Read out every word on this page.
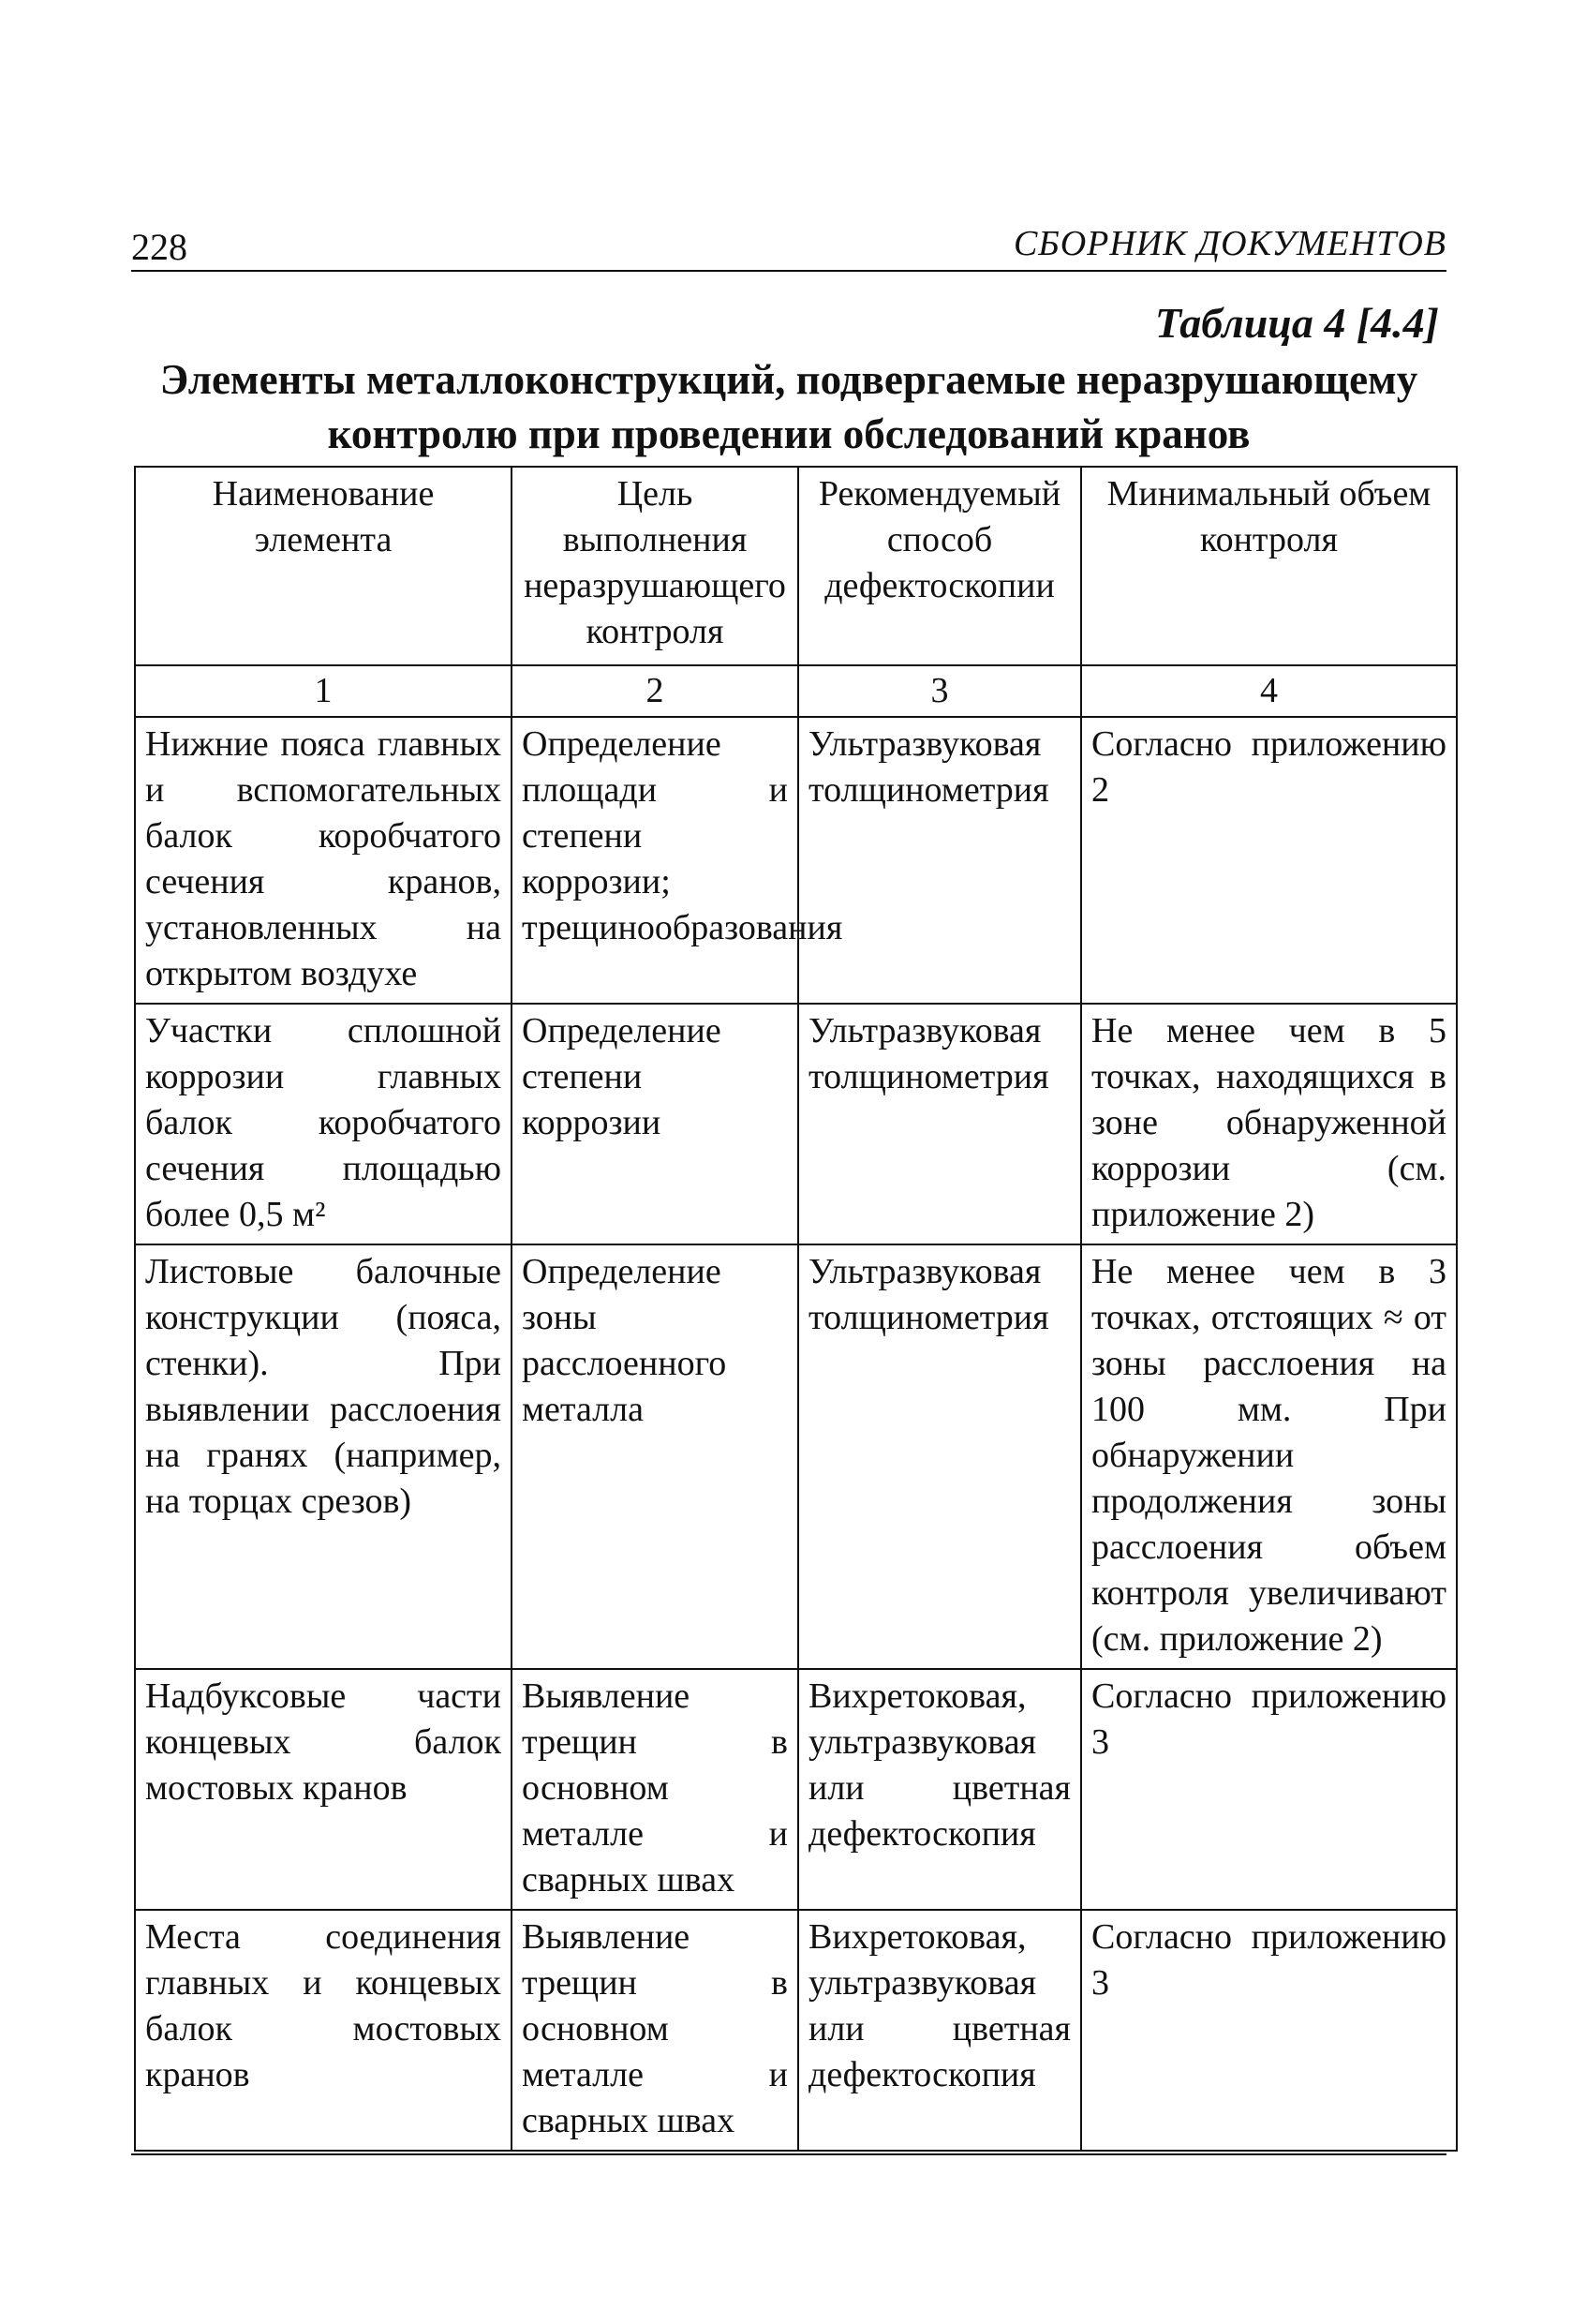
228	СБОРНИК ДОКУМЕНТОВ
Таблица 4 [4.4]
Элементы металлоконструкций, подвергаемые неразрушающему
контролю при проведении обследований кранов
Наименование элемента	Цель выполнения неразрушающего контроля	Рекомендуемый способ дефектоскопии	Минимальный объем контроля
1	2	3	4
Нижние пояса главных и вспомогательных балок коробчатого сечения кранов, установленных на открытом воздухе	Определение площади и степени коррозии; трещинообразования	Ультразвуковая толщинометрия	Согласно приложению 2
Участки сплошной коррозии главных балок коробчатого сечения площадью более 0,5 м²	Определение степени коррозии	Ультразвуковая толщинометрия	Не менее чем в 5 точках, находящихся в зоне обнаруженной коррозии (см. приложение 2)
Листовые балочные конструкции (пояса, стенки). При выявлении расслоения на гранях (например, на торцах срезов)	Определение зоны расслоенного металла	Ультразвуковая толщинометрия	Не менее чем в 3 точках, отстоящих ≈ от зоны расслоения на 100 мм. При обнаружении продолжения зоны расслоения объем контроля увеличивают (см. приложение 2)
Надбуксовые части концевых балок мостовых кранов	Выявление трещин в основном металле и сварных швах	Вихретоковая, ультразвуковая или цветная дефектоскопия	Согласно приложению 3
Места соединения главных и концевых балок мостовых кранов	Выявление трещин в основном металле и сварных швах	Вихретоковая, ультразвуковая или цветная дефектоскопия	Согласно приложению 3
